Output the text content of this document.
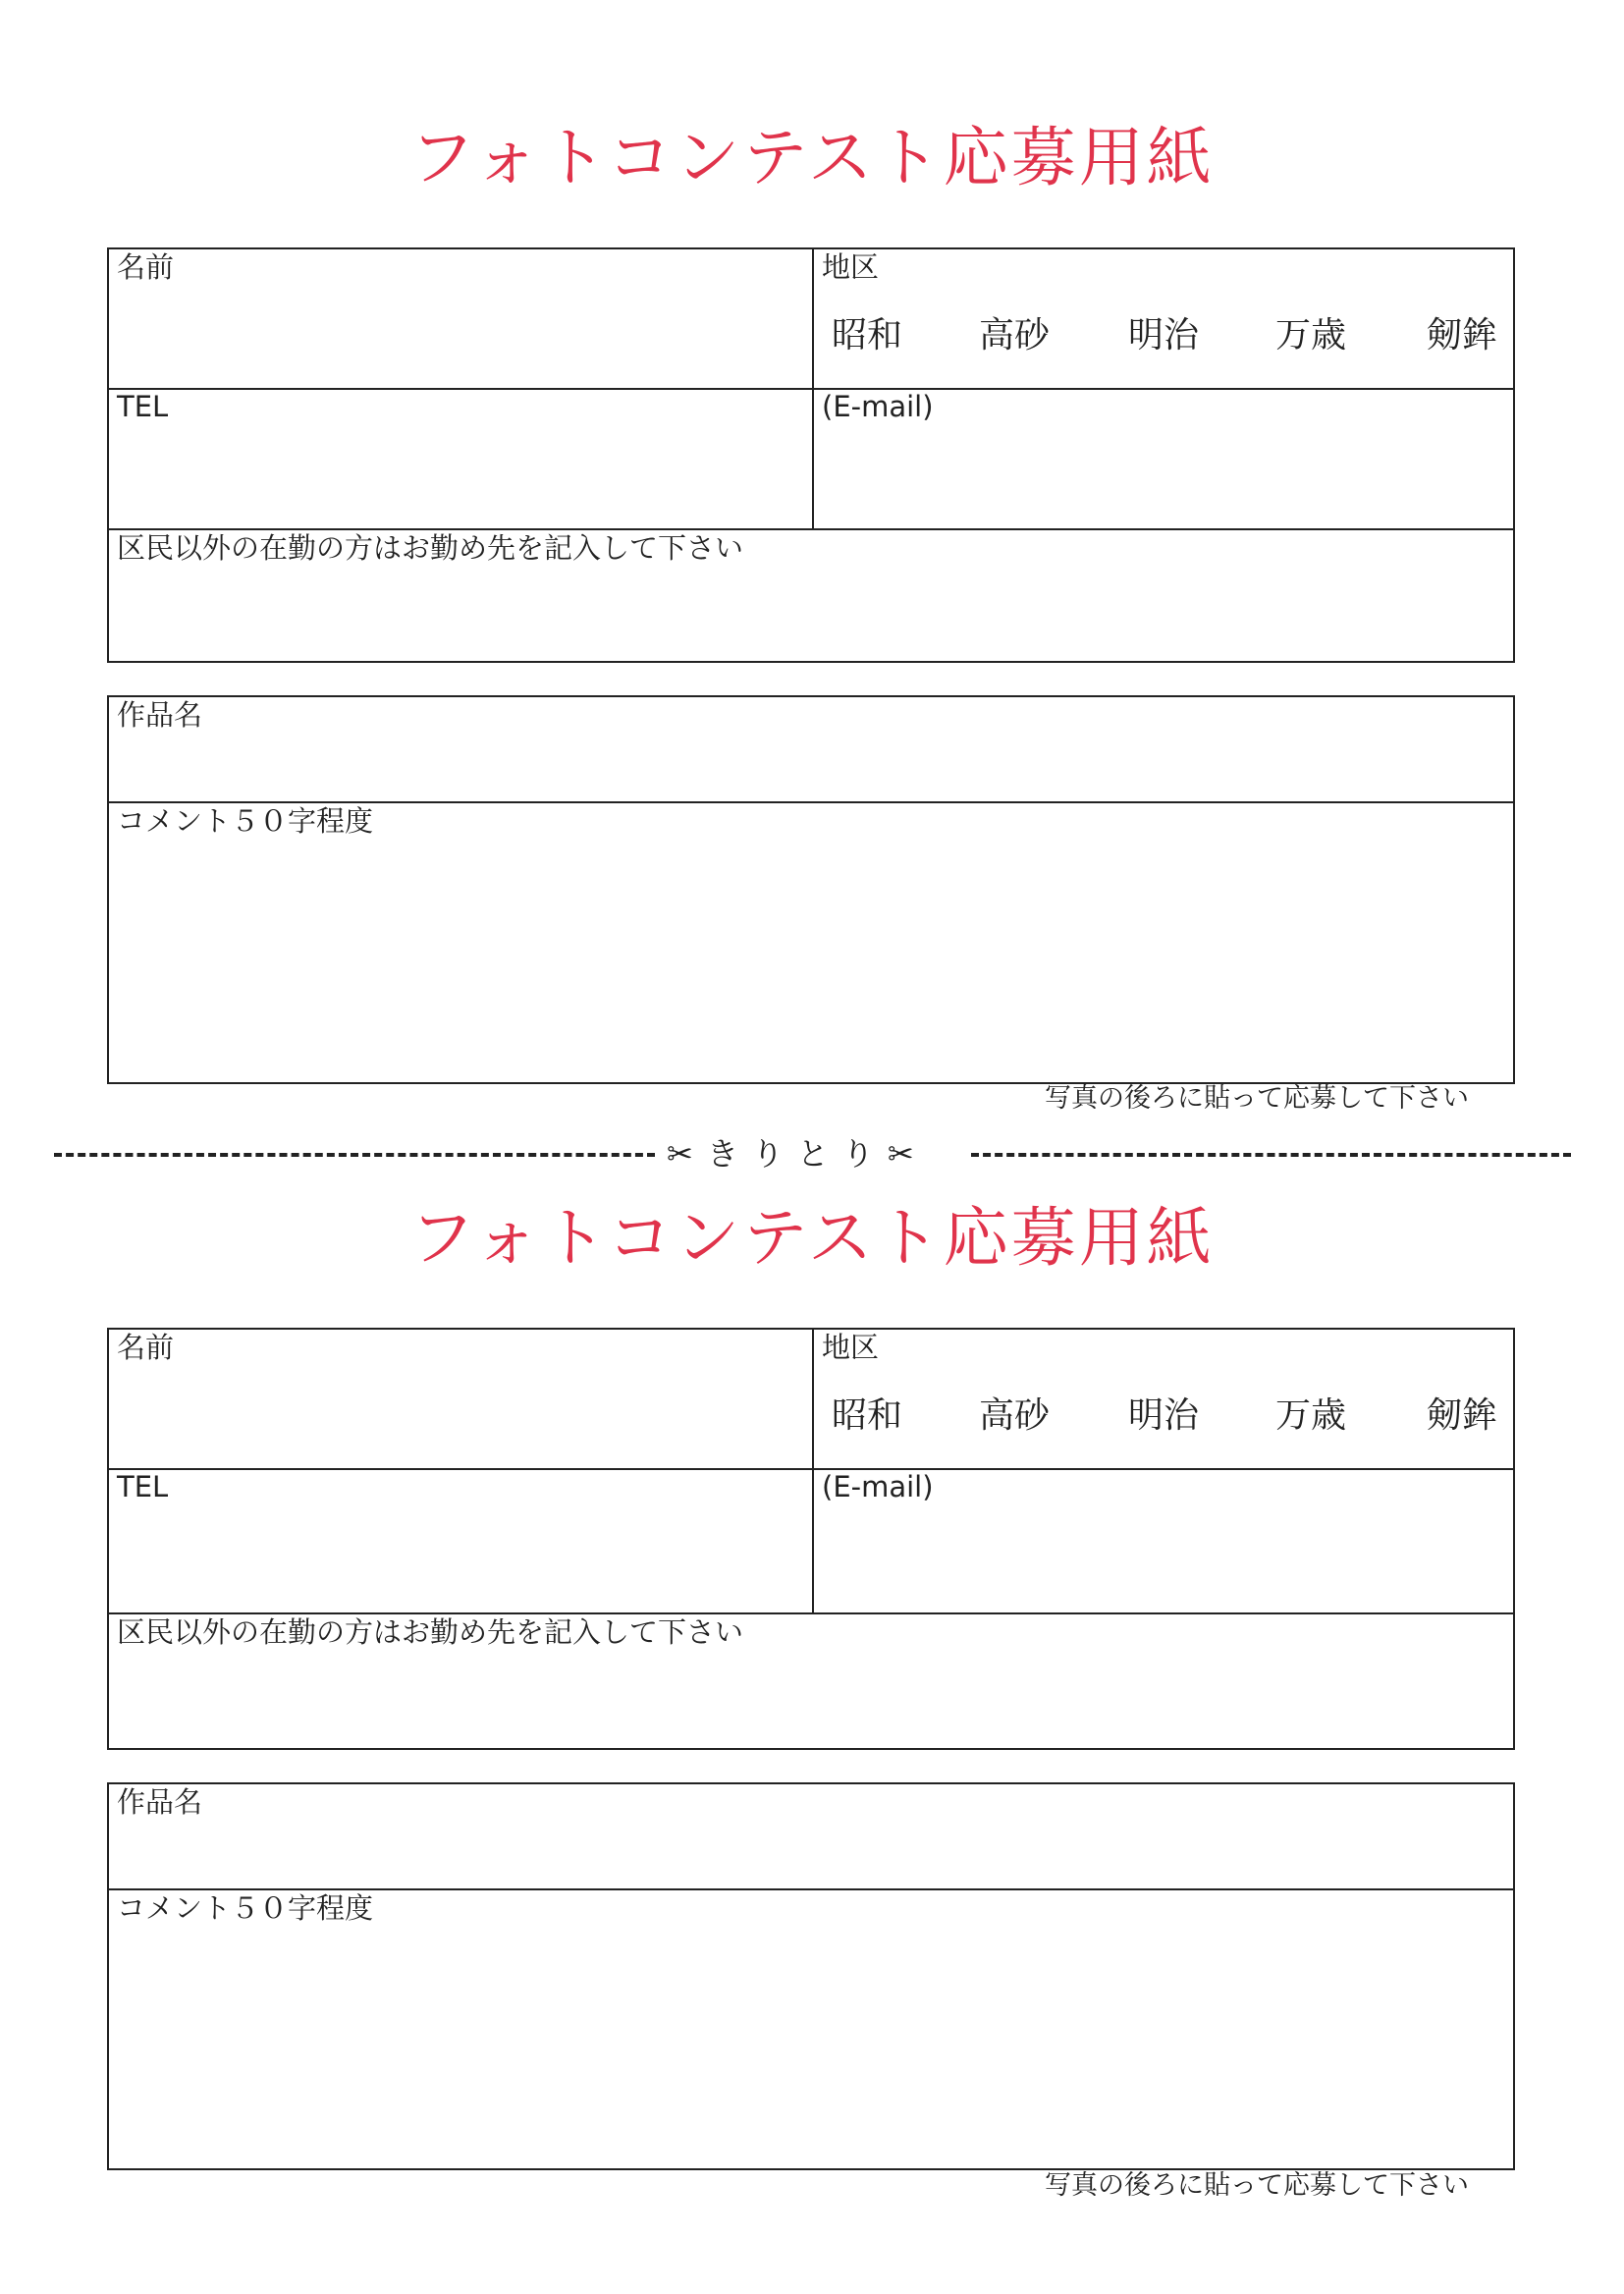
フォトコンテスト応募用紙
名前	地区
昭和 高砂 明治 万歳 剱鉾
TEL	(E-mail)
区民以外の在勤の方はお勤め先を記入して下さい
作品名
コメント５０字程度
写真の後ろに貼って応募して下さい
✂きりとり✂
フォトコンテスト応募用紙
名前	地区
昭和 高砂 明治 万歳 剱鉾
TEL	(E-mail)
区民以外の在勤の方はお勤め先を記入して下さい
作品名
コメント５０字程度
写真の後ろに貼って応募して下さい
